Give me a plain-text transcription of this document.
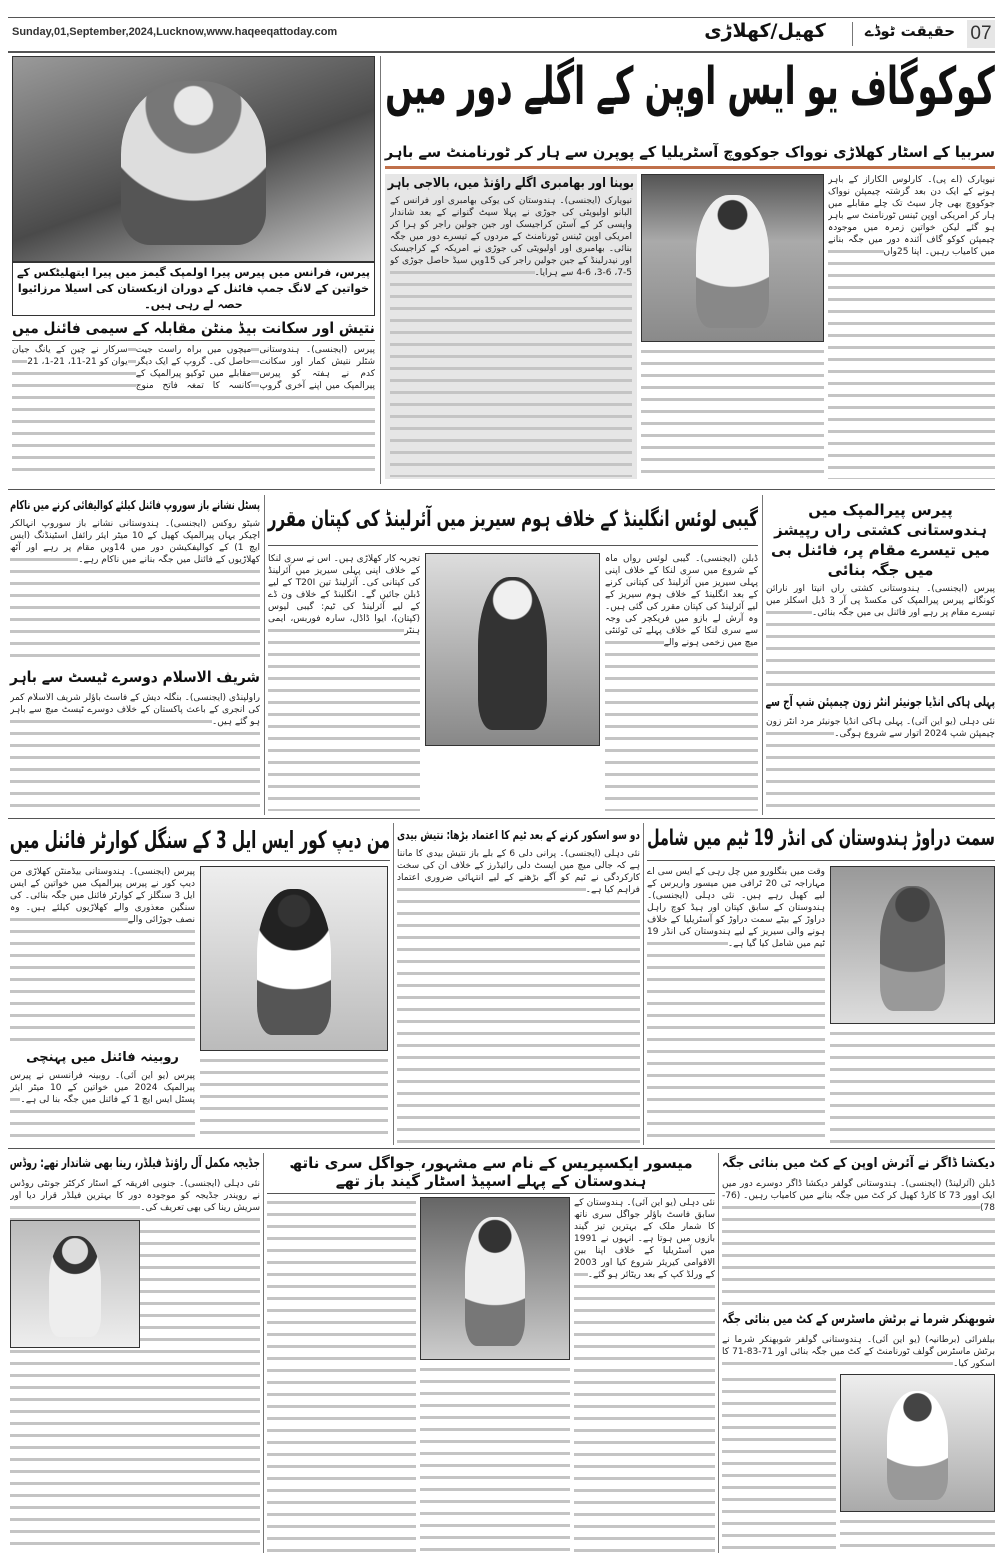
Sunday,01,September,2024,Lucknow,www.haqeeqattoday.com	کھیل/کھلاڑی	حقیقت ٹوڈے 07
پیرس، فرانس میں پیرس پیرا اولمپک گیمز میں پیرا ایتھلیٹکس کے خواتین کے لانگ جمپ فائنل کے دوران ازبکستان کی اسیلا مرزائیوا حصہ لے رہی ہیں۔
نتیش اور سکانت بیڈ منٹن مقابلہ کے سیمی فائنل میں

پیرس (ایجنسی)۔ ہندوستانی شٹلر نتیش کمار اور سکانت کدم نے ہفتہ کو پیرس پیرالمپک میں اپنے آخری گروپ میچوں میں براہ راست جیت حاصل کی۔ گروپ کے ایک دیگر مقابلے میں ٹوکیو پیرالمپک کے کانسہ کا تمغہ فاتح منوج سرکار نے چین کے یانگ جیان یوان کو 21-11، 21-1، 21

کوکوگاف یو ایس اوپن کے اگلے دور میں
سربیا کے اسٹار کھلاڑی نوواک جوکووچ آسٹریلیا کے پوپرن سے ہار کر ٹورنامنٹ سے باہر

نیویارک (اے پی)۔ کارلوس الکاراز کے باہر ہونے کے ایک دن بعد گزشتہ چیمپئن نوواک جوکووچ بھی چار سیٹ تک چلے مقابلے میں ہار کر امریکی اوپن ٹینس ٹورنامنٹ سے باہر ہو گئے لیکن خواتین زمرہ میں موجودہ چیمپئن کوکو گاف آئندہ دور میں جگہ بنانے میں کامیاب رہیں۔ اپنا 25واں

بوپنا اور بھامبری اگلے راؤنڈ میں، بالاجی باہر

نیویارک (ایجنسی)۔ ہندوستان کی یوکی بھامبری اور فرانس کے البانو اولیویٹی کی جوڑی نے پہلا سیٹ گنوانے کے بعد شاندار واپسی کر کے آسٹن کراجیسک اور جین جولین راجر کو ہرا کر امریکی اوپن ٹینس ٹورنامنٹ کے مردوں کے تیسرے دور میں جگہ بنائی۔ بھامبری اور اولیویٹی کی جوڑی نے امریکہ کے کراجیسک اور نیدرلینڈ کے جین جولین راجر کی 15ویں سیڈ حاصل جوڑی کو 5-7، 6-3، 6-4 سے ہرایا۔

پسٹل نشانے باز سوروپ فائنل کیلئے کوالیفائی کرنے میں ناکام

شیٹو روکس (ایجنسی)۔ ہندوستانی نشانے باز سوروپ انہالکر اچیکر یہاں پیرالمپک کھیل کے 10 میٹر ایئر رائفل اسٹینڈنگ (ایس ایچ 1) کے کوالیفکیشن دور میں 14ویں مقام پر رہے اور آٹھ کھلاڑیوں کے فائنل میں جگہ بنانے میں ناکام رہے۔

شریف الاسلام دوسرے ٹیسٹ سے باہر

راولپنڈی (ایجنسی)۔ بنگلہ دیش کے فاسٹ باؤلر شریف الاسلام کمر کی انجری کے باعث پاکستان کے خلاف دوسرے ٹیسٹ میچ سے باہر ہو گئے ہیں۔

گیبی لوئس انگلینڈ کے خلاف ہوم سیریز میں آئرلینڈ کی کپتان مقرر

ڈبلن (ایجنسی)۔ گیبی لوئس رواں ماہ کے شروع میں سری لنکا کے خلاف اپنی پہلی سیریز میں آئرلینڈ کی کپتانی کرنے کے بعد انگلینڈ کے خلاف ہوم سیریز کے لیے آئرلینڈ کی کپتان مقرر کی گئی ہیں۔ وہ آرش لے بازو میں فریکچر کی وجہ سے سری لنکا کے خلاف پہلے ٹی ٹوئنٹی میچ میں زخمی ہونے والے

تجربہ کار کھلاڑی ہیں۔ اس نے سری لنکا کے خلاف اپنی پہلی سیریز میں آئرلینڈ کی کپتانی کی۔ آئرلینڈ تین T20I کے لیے ڈبلن جائیں گے۔ انگلینڈ کے خلاف ون ڈے کے لیے آئرلینڈ کی ٹیم: گیبی لیوس (کپتان)، ایوا ڈاڈل، سارہ فوربس، ایمی ہنٹر

پیرس پیرالمپک میں ہندوستانی کشتی راں رپیشز میں تیسرے مقام پر، فائنل بی میں جگہ بنائی

پیرس (ایجنسی)۔ ہندوستانی کشتی راں انیتا اور نارائن کونگانے پیرس پیرالمپک کی مکسڈ پی آر 3 ڈبل اسکلز میں تیسرے مقام پر رہے اور فائنل بی میں جگہ بنائی۔

پہلی ہاکی انڈیا جونیئر انٹر زون چیمپئن شپ آج سے

نئی دہلی (یو این آئی)۔ پہلی ہاکی انڈیا جونیئر مرد انٹر زون چیمپئن شپ 2024 اتوار سے شروع ہوگی۔

من دیپ کور ایس ایل 3 کے سنگل کوارٹر فائنل میں

پیرس (ایجنسی)۔ ہندوستانی بیڈمنٹن کھلاڑی من دیپ کور نے پیرس پیرالمپک میں خواتین کے ایس ایل 3 سنگلز کے کوارٹر فائنل میں جگہ بنائی۔ کی سنگین معذوری والے کھلاڑیوں کیلئے ہیں۔ وہ نصف جوڑائی والے

روبینہ فائنل میں پہنچی

پیرس (یو این آئی)۔ روبینہ فرانسس نے پیرس پیرالمپک 2024 میں خواتین کے 10 میٹر ایئر پسٹل ایس ایچ 1 کے فائنل میں جگہ بنا لی ہے۔

دو سو اسکور کرنے کے بعد ٹیم کا اعتماد بڑھا: نتیش بیدی

نئی دہلی (ایجنسی)۔ پرانی دلی 6 کے بلے باز نتیش بیدی کا ماننا ہے کہ جالی میچ میں ایسٹ دلی رائیڈرز کے خلاف ان کی سخت کارکردگی نے ٹیم کو آگے بڑھنے کے لیے انتہائی ضروری اعتماد فراہم کیا ہے۔

سمت دراوڑ ہندوستان کی انڈر 19 ٹیم میں شامل

وقت میں بنگلورو میں چل رہی کے ایس سی اے مہاراجہ ٹی 20 ٹرافی میں میسور واریرس کے لیے کھیل رہے ہیں۔ نئی دہلی (ایجنسی)۔ ہندوستان کے سابق کپتان اور ہیڈ کوچ راہل دراوڑ کے بیٹے سمت دراوڑ کو آسٹریلیا کے خلاف ہونے والی سیریز کے لیے ہندوستان کی انڈر 19 ٹیم میں شامل کیا گیا ہے۔

جڈیجہ مکمل آل راؤنڈ فیلڈر، رینا بھی شاندار تھے: روڈس

نئی دہلی (ایجنسی)۔ جنوبی افریقہ کے اسٹار کرکٹر جونٹی روڈس نے رویندر جڈیجہ کو موجودہ دور کا بہترین فیلڈر قرار دیا اور سریش رینا کی بھی تعریف کی۔

میسور ایکسپریس کے نام سے مشہور، جواگل سری ناتھ ہندوستان کے پہلے اسپیڈ اسٹار گیند باز تھے

نئی دہلی (یو این آئی)۔ ہندوستان کے سابق فاسٹ باؤلر جواگل سری ناتھ کا شمار ملک کے بہترین تیز گیند بازوں میں ہوتا ہے۔ انہوں نے 1991 میں آسٹریلیا کے خلاف اپنا بین الاقوامی کیریئر شروع کیا اور 2003 کے ورلڈ کپ کے بعد ریٹائر ہو گئے۔

دیکشا ڈاگر نے آئرش اوپن کے کٹ میں بنائی جگہ

ڈبلن (آئرلینڈ) (ایجنسی)۔ ہندوستانی گولفر دیکشا ڈاگر دوسرے دور میں ایک اوور 73 کا کارڈ کھیل کر کٹ میں جگہ بنانے میں کامیاب رہیں۔ (76-78)

شوبھنکر شرما نے برٹش ماسٹرس کے کٹ میں بنائی جگہ

بیلفرائی (برطانیہ) (یو این آئی)۔ ہندوستانی گولفر شوبھنکر شرما نے برٹش ماسٹرس گولف ٹورنامنٹ کے کٹ میں جگہ بنائی اور 71-83-71 کا اسکور کیا۔
